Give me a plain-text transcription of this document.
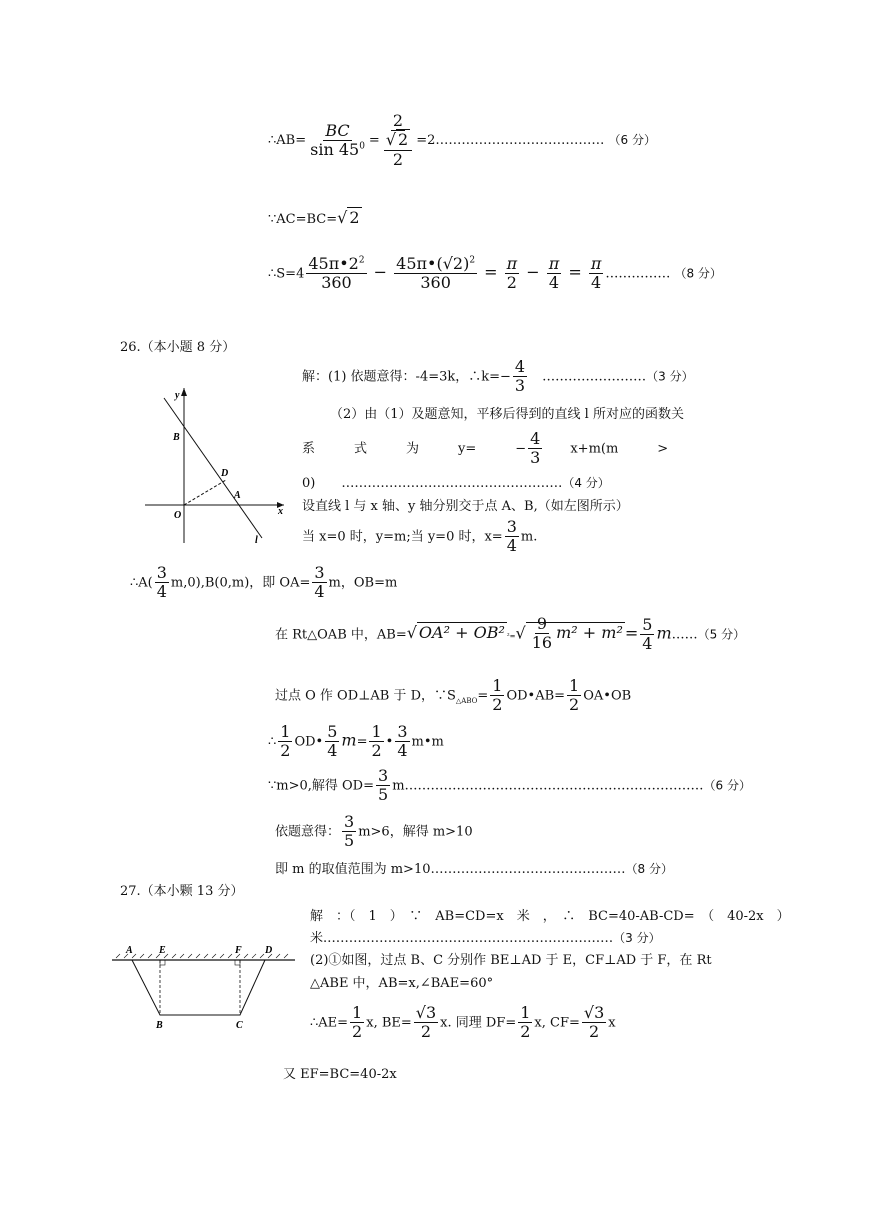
∴AB= $\frac{BC}{\sin 45^0} = \frac{2}{\frac{√ 2}{2}}$ =2………………………………… （6 分）
∵AC=BC=√ 2
∴S=4 $\frac{45\pi•2^2}{360} - \frac{45\pi•(√2)^2}{360} = \frac{\pi}{2} - \frac{\pi}{4} = \frac{\pi}{4}$ …………… （8 分）
26.（本小题 8 分）
y
x
B
D
A
O
l
解：(1) 依题意得：-4=3k，∴k=− $\frac{4}{3}$
　 ……………………（3 分）
（2）由（1）及题意知，平移后得到的直线 l 所对应的函数关
系　　　式　　　为　　　y=　　　− $\frac{4}{3}$
　　 x+m(m　　　>
0)　　……………………………………………（4 分）
设直线 l 与 x 轴、y 轴分别交于点 A、B,（如左图所示）
当 x=0 时，y=m;当 y=0 时，$x= \frac{3}{4} m$.
∴A( $\frac{3}{4} m,0),B(0,m)$，即 $OA= \frac{3}{4}$ m，OB=m
在 Rt△OAB 中，AB=√ OA² + OB² $^2=√ \frac{9}{16} m^2 + m^2 = \frac{5}{4}$ m……（5 分）
过点 O 作 OD⊥AB 于 D，$\because S_{\triangle ABO}= \frac{1}{2}$ OD•AB= $\frac{1}{2}$ OA•OB
∴ $\frac{1}{2}$ OD• $\frac{5}{4} m= \frac{1}{2}$ • $\frac{3}{4}$ m•m
∵m>0,解得 $OD= \frac{3}{5}$ m……………………………………………………………（6 分）
依题意得： $\frac{3}{5} m>6$，解得 m>10
即 m 的取值范围为 m>10………………………………………（8 分）
27.（本小颗 13 分）
A	E	F D
B	C
解　：（　1　）　∵　AB=CD=x　米　，　∴　BC=40-AB-CD=　（　40-2x　）
米.…………………………………………………………（3 分）
(2)①如图，过点 B、C 分别作 BE⊥AD 于 E，CF⊥AD 于 F，在 Rt
△ABE 中，AB=x,∠BAE=60°
∴AE= $\frac{1}{2} x$, $BE= \frac{√3}{2} x$. 同理 $DF= \frac{1}{2} x$, $CF= \frac{√3}{2}$ x
又 EF=BC=40-2x
